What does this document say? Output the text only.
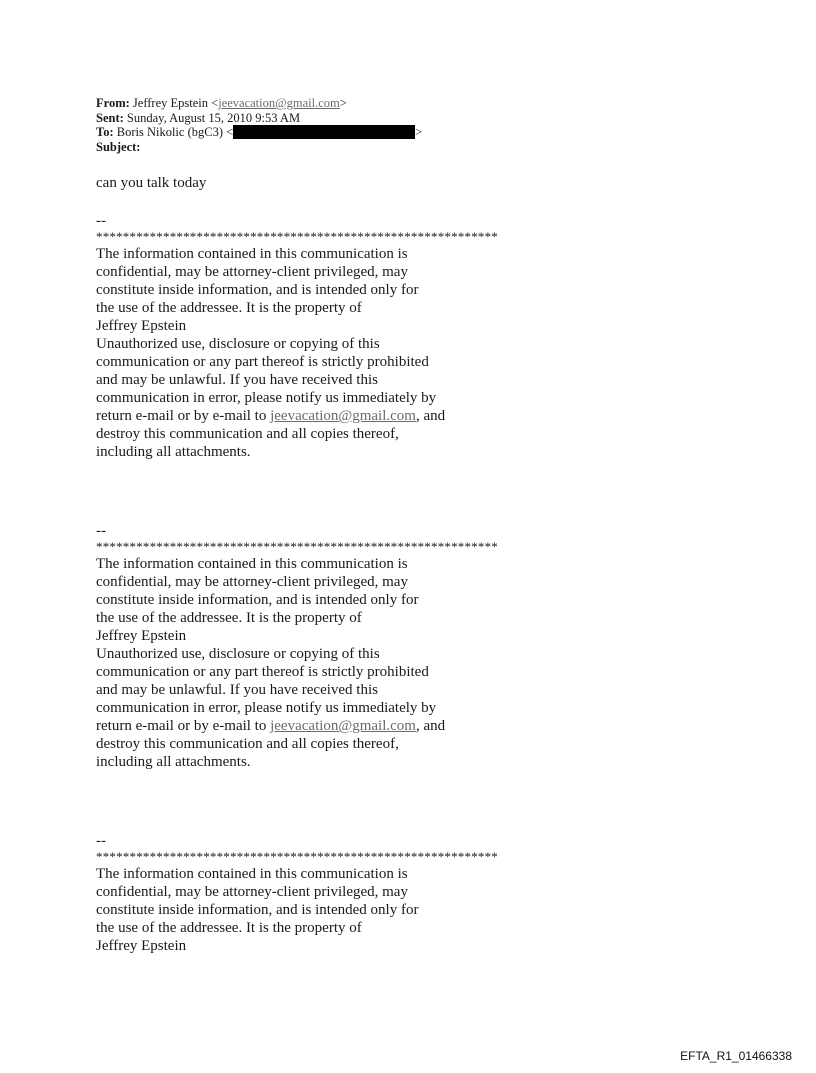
From: Jeffrey Epstein <jeevacation@gmail.com>
Sent: Sunday, August 15, 2010 9:53 AM
To: Boris Nikolic (bgC3) <	>
Subject:
can you talk today
--
************************************************************
The information contained in this communication is
confidential, may be attorney-client privileged, may
constitute inside information, and is intended only for
the use of the addressee. It is the property of
Jeffrey Epstein
Unauthorized use, disclosure or copying of this
communication or any part thereof is strictly prohibited
and may be unlawful. If you have received this
communication in error, please notify us immediately by
return e-mail or by e-mail to jeevacation@gmail.com, and
destroy this communication and all copies thereof,
including all attachments.
--
************************************************************
The information contained in this communication is
confidential, may be attorney-client privileged, may
constitute inside information, and is intended only for
the use of the addressee. It is the property of
Jeffrey Epstein
Unauthorized use, disclosure or copying of this
communication or any part thereof is strictly prohibited
and may be unlawful. If you have received this
communication in error, please notify us immediately by
return e-mail or by e-mail to jeevacation@gmail.com, and
destroy this communication and all copies thereof,
including all attachments.
--
************************************************************
The information contained in this communication is
confidential, may be attorney-client privileged, may
constitute inside information, and is intended only for
the use of the addressee. It is the property of
Jeffrey Epstein
EFTA_R1_01466338
